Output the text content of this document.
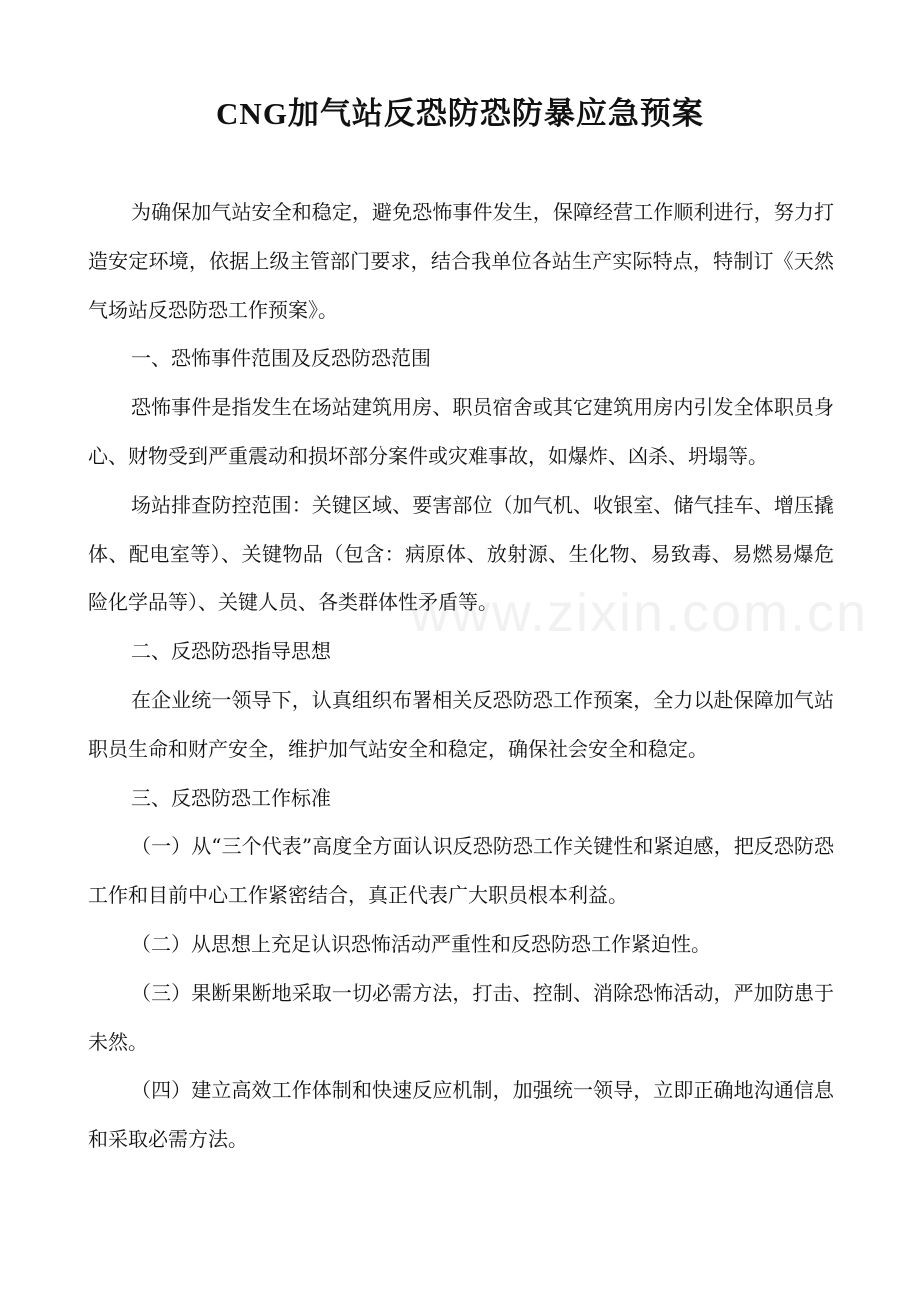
CNG加气站反恐防恐防暴应急预案

为确保加气站安全和稳定，避免恐怖事件发生，保障经营工作顺利进行，努力打造安定环境，依据上级主管部门要求，结合我单位各站生产实际特点，特制订《天然气场站反恐防恐工作预案》。

一、恐怖事件范围及反恐防恐范围

恐怖事件是指发生在场站建筑用房、职员宿舍或其它建筑用房内引发全体职员身心、财物受到严重震动和损坏部分案件或灾难事故，如爆炸、凶杀、坍塌等。

场站排查防控范围：关键区域、要害部位（加气机、收银室、储气挂车、增压撬体、配电室等）、关键物品（包含：病原体、放射源、生化物、易致毒、易燃易爆危险化学品等）、关键人员、各类群体性矛盾等。

二、反恐防恐指导思想

在企业统一领导下，认真组织布署相关反恐防恐工作预案，全力以赴保障加气站职员生命和财产安全，维护加气站安全和稳定，确保社会安全和稳定。

三、反恐防恐工作标准

（一）从“三个代表”高度全方面认识反恐防恐工作关键性和紧迫感，把反恐防恐工作和目前中心工作紧密结合，真正代表广大职员根本利益。

（二）从思想上充足认识恐怖活动严重性和反恐防恐工作紧迫性。

（三）果断果断地采取一切必需方法，打击、控制、消除恐怖活动，严加防患于未然。

（四）建立高效工作体制和快速反应机制，加强统一领导，立即正确地沟通信息和采取必需方法。

www.zixin.com.cn
